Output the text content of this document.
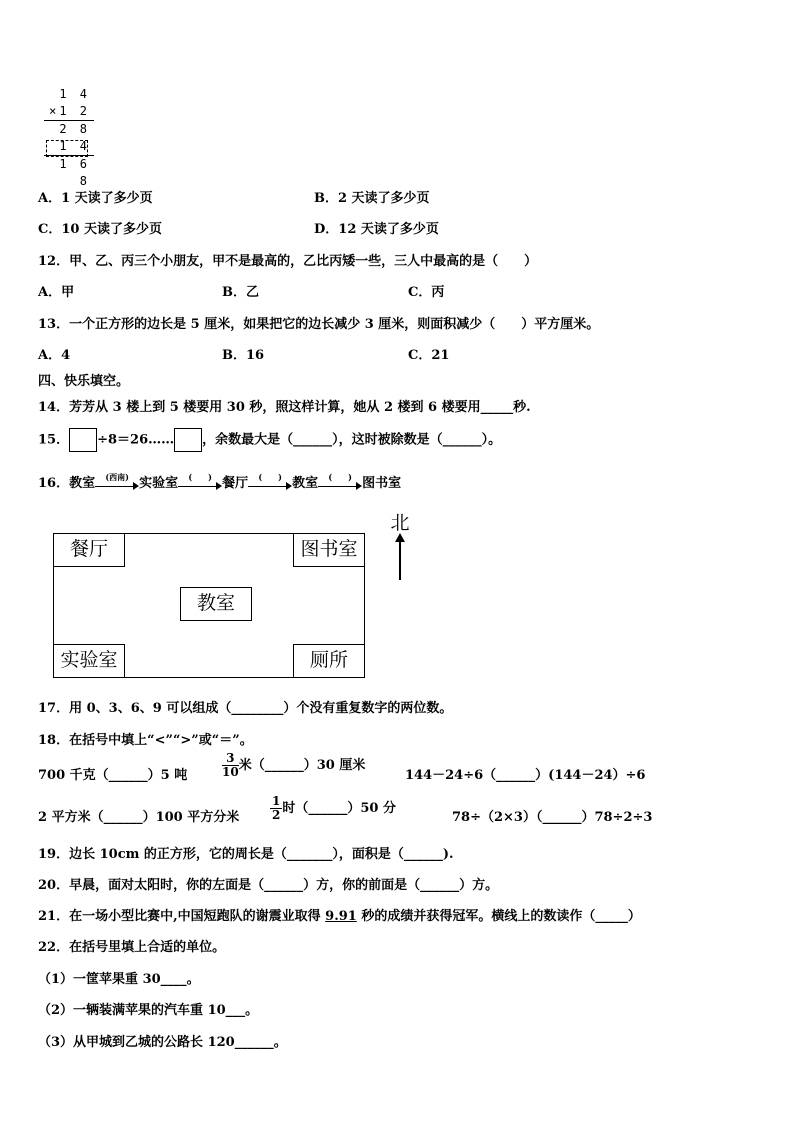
1 4
×1 2
2 8
1 4
1 6 8
A．1 天读了多少页	B．2 天读了多少页
C．10 天读了多少页	D．12 天读了多少页
12．甲、乙、丙三个小朋友，甲不是最高的，乙比丙矮一些，三人中最高的是（　　）
A．甲	B．乙	C．丙
13．一个正方形的边长是 5 厘米，如果把它的边长减少 3 厘米，则面积减少（　　）平方厘米。
A．4	B．16	C．21
四、快乐填空。
14．芳芳从 3 楼上到 5 楼要用 30 秒，照这样计算，她从 2 楼到 6 楼要用_____秒.
15． ÷8＝26…… ，余数最大是（______），这时被除数是（______）。
16．教室	(西南) 实验室	(　　) 餐厅	(　　) 教室	(　　) 图书室
餐厅	图书室
教室
实验室	厕所
北
17．用 0、3、6、9 可以组成（________）个没有重复数字的两位数。
18．在括号中填上“<”“>”或“＝”。
700 千克（______）5 吨	$\frac{3}{10}$ 米（______）30 厘米
144－24÷6（______）(144－24）÷6
2 平方米（______）100 平方分米	$\frac{1}{2}$ 时（______）50 分
78÷（2×3）（______）78÷2÷3
19．边长 10cm 的正方形，它的周长是（_______），面积是（______).
20．早晨，面对太阳时，你的左面是（______）方，你的前面是（______）方。
21．在一场小型比赛中,中国短跑队的谢震业取得 9.91 秒的成绩并获得冠军。横线上的数读作（_____）
22．在括号里填上合适的单位。
（1）一筐苹果重 30____。
（2）一辆装满苹果的汽车重 10___。
（3）从甲城到乙城的公路长 120______。
